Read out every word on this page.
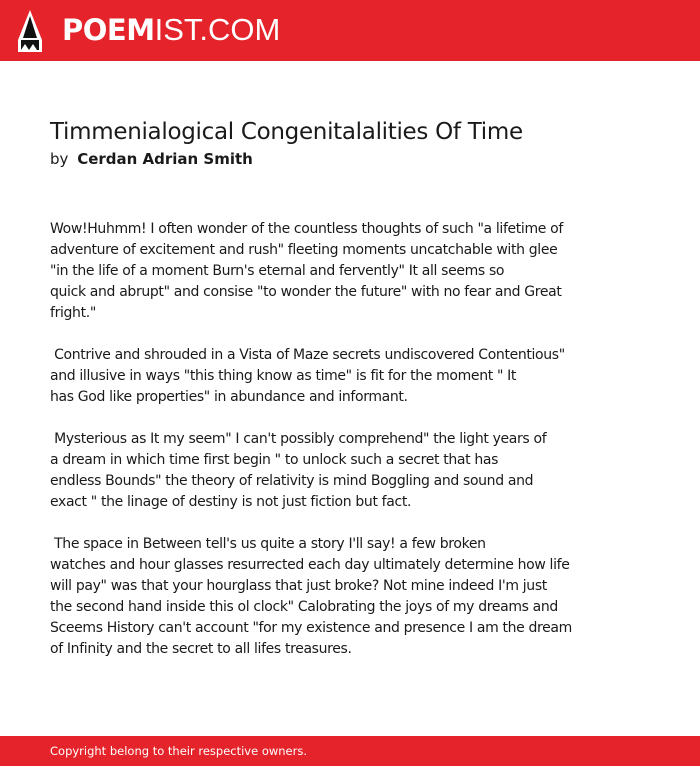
POEMIST.COM
Timmenialogical Congenitalalities Of Time
by Cerdan Adrian Smith
Wow!Huhmm! I often wonder of the countless thoughts of such "a lifetime of
adventure of excitement and rush" fleeting moments uncatchable with glee
"in the life of a moment Burn's eternal and fervently" It all seems so
quick and abrupt" and consise "to wonder the future" with no fear and Great
fright."
Contrive and shrouded in a Vista of Maze secrets undiscovered Contentious"
and illusive in ways "this thing know as time" is fit for the moment " It
has God like properties" in abundance and informant.
Mysterious as It my seem" I can't possibly comprehend" the light years of
a dream in which time first begin " to unlock such a secret that has
endless Bounds" the theory of relativity is mind Boggling and sound and
exact " the linage of destiny is not just fiction but fact.
The space in Between tell's us quite a story I'll say! a few broken
watches and hour glasses resurrected each day ultimately determine how life
will pay" was that your hourglass that just broke? Not mine indeed I'm just
the second hand inside this ol clock" Calobrating the joys of my dreams and
Sceems History can't account "for my existence and presence I am the dream
of Infinity and the secret to all lifes treasures.
Copyright belong to their respective owners.
